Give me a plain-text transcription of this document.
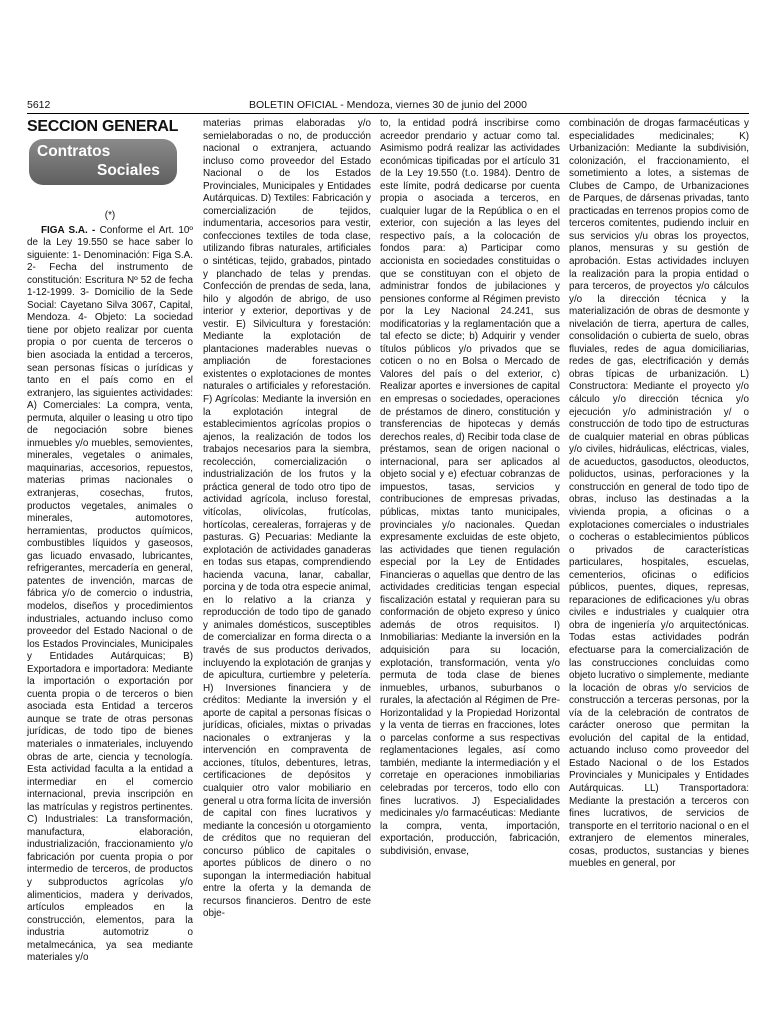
5612	BOLETIN OFICIAL - Mendoza, viernes 30 de junio del 2000
SECCION GENERAL
Contratos
Sociales
(*)

FIGA S.A. - Conforme el Art. 10º de la Ley 19.550 se hace saber lo siguiente: 1- Denominación: Figa S.A. 2- Fecha del instrumento de constitución: Escritura Nº 52 de fecha 1-12-1999. 3- Domicilio de la Sede Social: Cayetano Silva 3067, Capital, Mendoza. 4- Objeto: La sociedad tiene por objeto realizar por cuenta propia o por cuenta de terceros o bien asociada la entidad a terceros, sean personas físicas o jurídicas y tanto en el país como en el extranjero, las siguientes actividades: A) Comerciales: La compra, venta, permuta, alquiler o leasing u otro tipo de negociación sobre bienes inmuebles y/o muebles, semovientes, minerales, vegetales o animales, maquinarias, accesorios, repuestos, materias primas nacionales o extranjeras, cosechas, frutos, productos vegetales, animales o minerales, automotores, herramientas, productos químicos, combustibles líquidos y gaseosos, gas licuado envasado, lubricantes, refrigerantes, mercadería en general, patentes de invención, marcas de fábrica y/o de comercio o industria, modelos, diseños y procedimientos industriales, actuando incluso como proveedor del Estado Nacional o de los Estados Provinciales, Municipales y Entidades Autárquicas; B) Exportadora e importadora: Mediante la importación o exportación por cuenta propia o de terceros o bien asociada esta Entidad a terceros aunque se trate de otras personas jurídicas, de todo tipo de bienes materiales o inmateriales, incluyendo obras de arte, ciencia y tecnología. Esta actividad faculta a la entidad a intermediar en el comercio internacional, previa inscripción en las matrículas y registros pertinentes. C) Industriales: La transformación, manufactura, elaboración, industrialización, fraccionamiento y/o fabricación por cuenta propia o por intermedio de terceros, de productos y subproductos agrícolas y/o alimenticios, madera y derivados, artículos empleados en la construcción, elementos, para la industria automotriz o metalmecánica, ya sea mediante materiales y/o

materias primas elaboradas y/o semielaboradas o no, de producción nacional o extranjera, actuando incluso como proveedor del Estado Nacional o de los Estados Provinciales, Municipales y Entidades Autárquicas. D) Textiles: Fabricación y comercialización de tejidos, indumentaria, accesorios para vestir, confecciones textiles de toda clase, utilizando fibras naturales, artificiales o sintéticas, tejido, grabados, pintado y planchado de telas y prendas. Confección de prendas de seda, lana, hilo y algodón de abrigo, de uso interior y exterior, deportivas y de vestir. E) Silvicultura y forestación: Mediante la explotación de plantaciones maderables nuevas o ampliación de forestaciones existentes o explotaciones de montes naturales o artificiales y reforestación. F) Agrícolas: Mediante la inversión en la explotación integral de establecimientos agrícolas propios o ajenos, la realización de todos los trabajos necesarios para la siembra, recolección, comercialización o industrialización de los frutos y la práctica general de todo otro tipo de actividad agrícola, incluso forestal, vitícolas, olivícolas, frutícolas, hortícolas, cerealeras, forrajeras y de pasturas. G) Pecuarias: Mediante la explotación de actividades ganaderas en todas sus etapas, comprendiendo hacienda vacuna, lanar, caballar, porcina y de toda otra especie animal, en lo relativo a la crianza y reproducción de todo tipo de ganado y animales domésticos, susceptibles de comercializar en forma directa o a través de sus productos derivados, incluyendo la explotación de granjas y de apicultura, curtiembre y peletería. H) Inversiones financiera y de créditos: Mediante la inversión y el aporte de capital a personas físicas o jurídicas, oficiales, mixtas o privadas nacionales o extranjeras y la intervención en compraventa de acciones, títulos, debentures, letras, certificaciones de depósitos y cualquier otro valor mobiliario en general u otra forma lícita de inversión de capital con fines lucrativos y mediante la concesión u otorgamiento de créditos que no requieran del concurso público de capitales o aportes públicos de dinero o no supongan la intermediación habitual entre la oferta y la demanda de recursos financieros. Dentro de este obje-

to, la entidad podrá inscribirse como acreedor prendario y actuar como tal. Asimismo podrá realizar las actividades económicas tipificadas por el artículo 31 de la Ley 19.550 (t.o. 1984). Dentro de este límite, podrá dedicarse por cuenta propia o asociada a terceros, en cualquier lugar de la República o en el exterior, con sujeción a las leyes del respectivo país, a la colocación de fondos para: a) Participar como accionista en sociedades constituidas o que se constituyan con el objeto de administrar fondos de jubilaciones y pensiones conforme al Régimen previsto por la Ley Nacional 24.241, sus modificatorias y la reglamentación que a tal efecto se dicte; b) Adquirir y vender títulos públicos y/o privados que se coticen o no en Bolsa o Mercado de Valores del país o del exterior, c) Realizar aportes e inversiones de capital en empresas o sociedades, operaciones de préstamos de dinero, constitución y transferencias de hipotecas y demás derechos reales, d) Recibir toda clase de préstamos, sean de origen nacional o internacional, para ser aplicados al objeto social y e) efectuar cobranzas de impuestos, tasas, servicios y contribuciones de empresas privadas, públicas, mixtas tanto municipales, provinciales y/o nacionales. Quedan expresamente excluidas de este objeto, las actividades que tienen regulación especial por la Ley de Entidades Financieras o aquellas que dentro de las actividades crediticias tengan especial fiscalización estatal y requieran para su conformación de objeto expreso y único además de otros requisitos. I) Inmobiliarias: Mediante la inversión en la adquisición para su locación, explotación, transformación, venta y/o permuta de toda clase de bienes inmuebles, urbanos, suburbanos o rurales, la afectación al Régimen de Pre-Horizontalidad y la Propiedad Horizontal y la venta de tierras en fracciones, lotes o parcelas conforme a sus respectivas reglamentaciones legales, así como también, mediante la intermediación y el corretaje en operaciones inmobiliarias celebradas por terceros, todo ello con fines lucrativos. J) Especialidades medicinales y/o farmacéuticas: Mediante la compra, venta, importación, exportación, producción, fabricación, subdivisión, envase,

combinación de drogas farmacéuticas y especialidades medicinales; K) Urbanización: Mediante la subdivisión, colonización, el fraccionamiento, el sometimiento a lotes, a sistemas de Clubes de Campo, de Urbanizaciones de Parques, de dársenas privadas, tanto practicadas en terrenos propios como de terceros comitentes, pudiendo incluir en sus servicios y/u obras los proyectos, planos, mensuras y su gestión de aprobación. Estas actividades incluyen la realización para la propia entidad o para terceros, de proyectos y/o cálculos y/o la dirección técnica y la materialización de obras de desmonte y nivelación de tierra, apertura de calles, consolidación o cubierta de suelo, obras fluviales, redes de agua domiciliarias, redes de gas, electrificación y demás obras típicas de urbanización. L) Constructora: Mediante el proyecto y/o cálculo y/o dirección técnica y/o ejecución y/o administración y/ o construcción de todo tipo de estructuras de cualquier material en obras públicas y/o civiles, hidráulicas, eléctricas, viales, de acueductos, gasoductos, oleoductos, poliductos, usinas, perforaciones y la construcción en general de todo tipo de obras, incluso las destinadas a la vivienda propia, a oficinas o a explotaciones comerciales o industriales o cocheras o establecimientos públicos o privados de características particulares, hospitales, escuelas, cementerios, oficinas o edificios públicos, puentes, diques, represas, reparaciones de edificaciones y/u obras civiles e industriales y cualquier otra obra de ingeniería y/o arquitectónicas. Todas estas actividades podrán efectuarse para la comercialización de las construcciones concluidas como objeto lucrativo o simplemente, mediante la locación de obras y/o servicios de construcción a terceras personas, por la vía de la celebración de contratos de carácter oneroso que permitan la evolución del capital de la entidad, actuando incluso como proveedor del Estado Nacional o de los Estados Provinciales y Municipales y Entidades Autárquicas. LL) Transportadora: Mediante la prestación a terceros con fines lucrativos, de servicios de transporte en el territorio nacional o en el extranjero de elementos minerales, cosas, productos, sustancias y bienes muebles en general, por
